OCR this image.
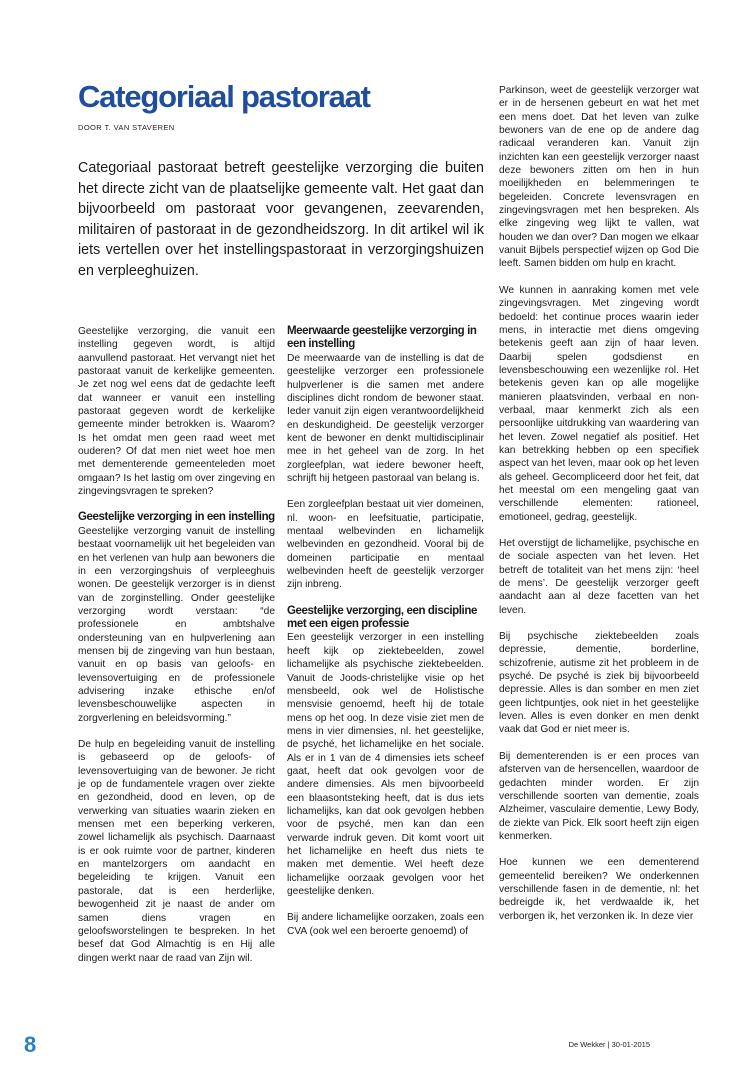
Categoriaal pastoraat
DOOR T. VAN STAVEREN

Categoriaal pastoraat betreft geestelijke verzorging die buiten het directe zicht van de plaatselijke gemeente valt. Het gaat dan bijvoorbeeld om pastoraat voor gevangenen, zeevarenden, militairen of pastoraat in de gezondheidszorg. In dit artikel wil ik iets vertellen over het instellingspastoraat in verzorgingshuizen en verpleeghuizen.

Geestelijke verzorging, die vanuit een instelling gegeven wordt, is altijd aanvullend pastoraat. Het vervangt niet het pastoraat vanuit de kerkelijke gemeenten. Je zet nog wel eens dat de gedachte leeft dat wanneer er vanuit een instelling pastoraat gegeven wordt de kerkelijke gemeente minder betrokken is. Waarom? Is het omdat men geen raad weet met ouderen? Of dat men niet weet hoe men met dementerende gemeenteleden moet omgaan? Is het lastig om over zingeving en zingevingsvragen te spreken?

Geestelijke verzorging in een instelling

Geestelijke verzorging vanuit de instelling bestaat voornamelijk uit het begeleiden van en het verlenen van hulp aan bewoners die in een verzorgingshuis of verpleeghuis wonen. De geestelijk verzorger is in dienst van de zorginstelling. Onder geestelijke verzorging wordt verstaan: “de professionele en ambtshalve ondersteuning van en hulpverlening aan mensen bij de zingeving van hun bestaan, vanuit en op basis van geloofs- en levensovertuiging en de professionele advisering inzake ethische en/of levensbeschouwelijke aspecten in zorgverlening en beleidsvorming.”

De hulp en begeleiding vanuit de instelling is gebaseerd op de geloofs- of levensovertuiging van de bewoner. Je richt je op de fundamentele vragen over ziekte en gezondheid, dood en leven, op de verwerking van situaties waarin zieken en mensen met een beperking verkeren, zowel lichamelijk als psychisch. Daarnaast is er ook ruimte voor de partner, kinderen en mantelzorgers om aandacht en begeleiding te krijgen. Vanuit een pastorale, dat is een herderlijke, bewogenheid zit je naast de ander om samen diens vragen en geloofsworstelingen te bespreken. In het besef dat God Almachtig is en Hij alle dingen werkt naar de raad van Zijn wil.

Meerwaarde geestelijke verzorging in een instelling

De meerwaarde van de instelling is dat de geestelijke verzorger een professionele hulpverlener is die samen met andere disciplines dicht rondom de bewoner staat. Ieder vanuit zijn eigen verantwoordelijkheid en deskundigheid. De geestelijk verzorger kent de bewoner en denkt multidisciplinair mee in het geheel van de zorg. In het zorgleefplan, wat iedere bewoner heeft, schrijft hij hetgeen pastoraal van belang is.

Een zorgleefplan bestaat uit vier domeinen, nl. woon- en leefsituatie, participatie, mentaal welbevinden en lichamelijk welbevinden en gezondheid. Vooral bij de domeinen participatie en mentaal welbevinden heeft de geestelijk verzorger zijn inbreng.

Geestelijke verzorging, een discipline met een eigen professie

Een geestelijk verzorger in een instelling heeft kijk op ziektebeelden, zowel lichamelijke als psychische ziektebeelden. Vanuit de Joods-christelijke visie op het mensbeeld, ook wel de Holistische mensvisie genoemd, heeft hij de totale mens op het oog. In deze visie ziet men de mens in vier dimensies, nl. het geestelijke, de psyché, het lichamelijke en het sociale. Als er in 1 van de 4 dimensies iets scheef gaat, heeft dat ook gevolgen voor de andere dimensies. Als men bijvoorbeeld een blaasontsteking heeft, dat is dus iets lichamelijks, kan dat ook gevolgen hebben voor de psyché, men kan dan een verwarde indruk geven. Dit komt voort uit het lichamelijke en heeft dus niets te maken met dementie. Wel heeft deze lichamelijke oorzaak gevolgen voor het geestelijke denken.

Bij andere lichamelijke oorzaken, zoals een CVA (ook wel een beroerte genoemd) of

Parkinson, weet de geestelijk verzorger wat er in de hersenen gebeurt en wat het met een mens doet. Dat het leven van zulke bewoners van de ene op de andere dag radicaal veranderen kan. Vanuit zijn inzichten kan een geestelijk verzorger naast deze bewoners zitten om hen in hun moeilijkheden en belemmeringen te begeleiden. Concrete levensvragen en zingevingsvragen met hen bespreken. Als elke zingeving weg lijkt te vallen, wat houden we dan over? Dan mogen we elkaar vanuit Bijbels perspectief wijzen op God Die leeft. Samen bidden om hulp en kracht.

We kunnen in aanraking komen met vele zingevingsvragen. Met zingeving wordt bedoeld: het continue proces waarin ieder mens, in interactie met diens omgeving betekenis geeft aan zijn of haar leven. Daarbij spelen godsdienst en levensbeschouwing een wezenlijke rol. Het betekenis geven kan op alle mogelijke manieren plaatsvinden, verbaal en non-verbaal, maar kenmerkt zich als een persoonlijke uitdrukking van waardering van het leven. Zowel negatief als positief. Het kan betrekking hebben op een specifiek aspect van het leven, maar ook op het leven als geheel. Gecompliceerd door het feit, dat het meestal om een mengeling gaat van verschillende elementen: rationeel, emotioneel, gedrag, geestelijk.

Het overstijgt de lichamelijke, psychische en de sociale aspecten van het leven. Het betreft de totaliteit van het mens zijn: ‘heel de mens’. De geestelijk verzorger geeft aandacht aan al deze facetten van het leven.

Bij psychische ziektebeelden zoals depressie, dementie, borderline, schizofrenie, autisme zit het probleem in de psyché. De psyché is ziek bij bijvoorbeeld depressie. Alles is dan somber en men ziet geen lichtpuntjes, ook niet in het geestelijke leven. Alles is even donker en men denkt vaak dat God er niet meer is.

Bij dementerenden is er een proces van afsterven van de hersencellen, waardoor de gedachten minder worden. Er zijn verschillende soorten van dementie, zoals Alzheimer, vasculaire dementie, Lewy Body, de ziekte van Pick. Elk soort heeft zijn eigen kenmerken.

Hoe kunnen we een dementerend gemeentelid bereiken? We onderkennen verschillende fasen in de dementie, nl: het bedreigde ik, het verdwaalde ik, het verborgen ik, het verzonken ik. In deze vier

8	De Wekker | 30-01-2015
